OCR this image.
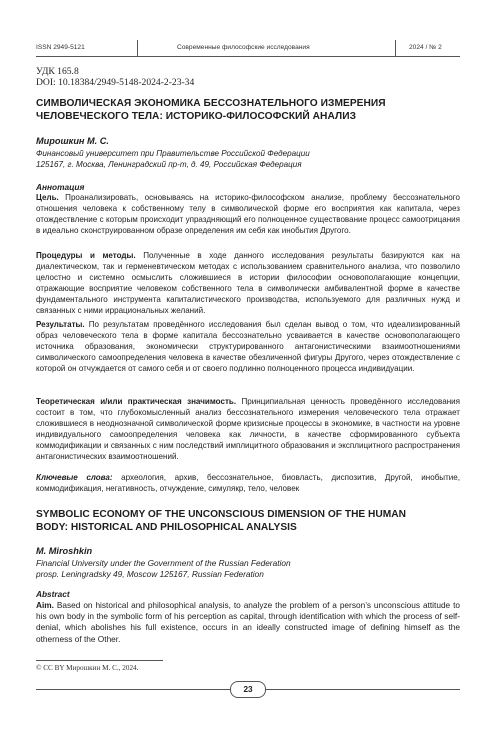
ISSN 2949-5121	Современные философские исследования	2024 / № 2
УДК 165.8
DOI: 10.18384/2949-5148-2024-2-23-34
СИМВОЛИЧЕСКАЯ ЭКОНОМИКА БЕССОЗНАТЕЛЬНОГО ИЗМЕРЕНИЯ
ЧЕЛОВЕЧЕСКОГО ТЕЛА: ИСТОРИКО-ФИЛОСОФСКИЙ АНАЛИЗ
Мирошкин М. С.
Финансовый университет при Правительстве Российской Федерации
125167, г. Москва, Ленинградский пр-т, д. 49, Российская Федерация
Аннотация
Цель. Проанализировать, основываясь на историко-философском анализе, проблему бессознательного отношения человека к собственному телу в символической форме его восприятия как капитала, через отождествление с которым происходит упраздняющий его полноценное существование процесс самоотрицания в идеально сконструированном образе определения им себя как инобытия Другого.
Процедуры и методы. Полученные в ходе данного исследования результаты базируются как на диалектическом, так и герменевтическом методах с использованием сравнительного анализа, что позволило целостно и системно осмыслить сложившиеся в истории философии основополагающие концепции, отражающие восприятие человеком собственного тела в символически амбивалентной форме в качестве фундаментального инструмента капиталистического производства, используемого для различных нужд и связанных с ними иррациональных желаний.
Результаты. По результатам проведённого исследования был сделан вывод о том, что идеализированный образ человеческого тела в форме капитала бессознательно усваивается в качестве основополагающего источника образования, экономически структурированного антагонистическими взаимоотношениями символического самоопределения человека в качестве обезличенной фигуры Другого, через отождествление с которой он отчуждается от самого себя и от своего подлинно полноценного процесса индивидуации.
Теоретическая и/или практическая значимость. Принципиальная ценность проведённого исследования состоит в том, что глубокомысленный анализ бессознательного измерения человеческого тела отражает сложившиеся в неоднозначной символической форме кризисные процессы в экономике, в частности на уровне индивидуального самоопределения человека как личности, в качестве сформированного субъекта коммодификации и связанных с ним последствий имплицитного образования и эксплицитного распространения антагонистических взаимоотношений.
Ключевые слова: археология, архив, бессознательное, биовласть, диспозитив, Другой, инобытие, коммодификация, негативность, отчуждение, симулякр, тело, человек
SYMBOLIC ECONOMY OF THE UNCONSCIOUS DIMENSION OF THE HUMAN
BODY: HISTORICAL AND PHILOSOPHICAL ANALYSIS
M. Miroshkin
Financial University under the Government of the Russian Federation
prosp. Leningradsky 49, Moscow 125167, Russian Federation
Abstract
Aim. Based on historical and philosophical analysis, to analyze the problem of a person’s unconscious attitude to his own body in the symbolic form of his perception as capital, through identification with which the process of self-denial, which abolishes his full existence, occurs in an ideally constructed image of defining himself as the otherness of the Other.
© CC BY Мирошкин М. С., 2024.
23
